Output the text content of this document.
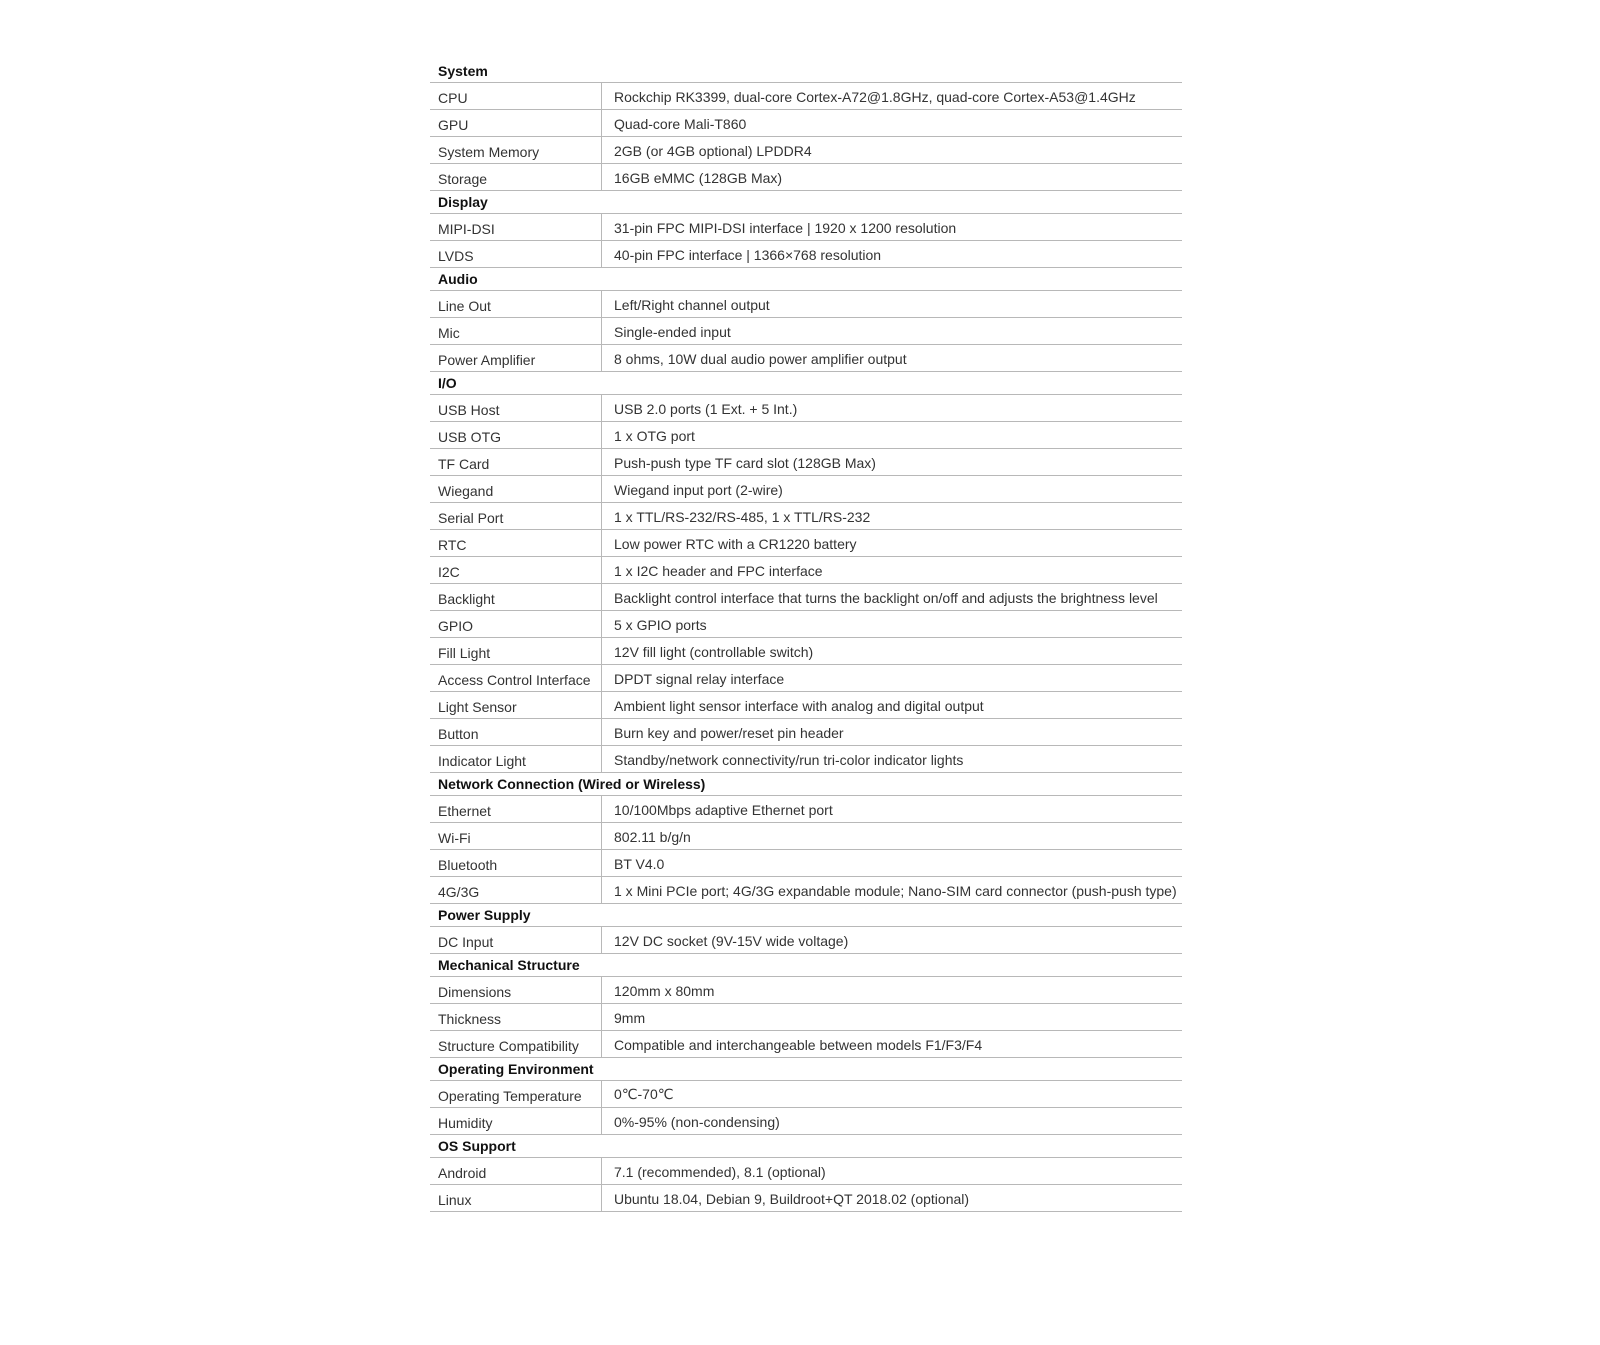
System
CPU	Rockchip RK3399, dual-core Cortex-A72@1.8GHz, quad-core Cortex-A53@1.4GHz
GPU	Quad-core Mali-T860
System Memory	2GB (or 4GB optional) LPDDR4
Storage	16GB eMMC (128GB Max)
Display
MIPI-DSI	31-pin FPC MIPI-DSI interface | 1920 x 1200 resolution
LVDS	40-pin FPC interface | 1366×768 resolution
Audio
Line Out	Left/Right channel output
Mic	Single-ended input
Power Amplifier	8 ohms, 10W dual audio power amplifier output
I/O
USB Host	USB 2.0 ports (1 Ext. + 5 Int.)
USB OTG	1 x OTG port
TF Card	Push-push type TF card slot (128GB Max)
Wiegand	Wiegand input port (2-wire)
Serial Port	1 x TTL/RS-232/RS-485, 1 x TTL/RS-232
RTC	Low power RTC with a CR1220 battery
I2C	1 x I2C header and FPC interface
Backlight	Backlight control interface that turns the backlight on/off and adjusts the brightness level
GPIO	5 x GPIO ports
Fill Light	12V fill light (controllable switch)
Access Control Interface	DPDT signal relay interface
Light Sensor	Ambient light sensor interface with analog and digital output
Button	Burn key and power/reset pin header
Indicator Light	Standby/network connectivity/run tri-color indicator lights
Network Connection (Wired or Wireless)
Ethernet	10/100Mbps adaptive Ethernet port
Wi-Fi	802.11 b/g/n
Bluetooth	BT V4.0
4G/3G	1 x Mini PCIe port; 4G/3G expandable module; Nano-SIM card connector (push-push type)
Power Supply
DC Input	12V DC socket (9V-15V wide voltage)
Mechanical Structure
Dimensions	120mm x 80mm
Thickness	9mm
Structure Compatibility	Compatible and interchangeable between models F1/F3/F4
Operating Environment
Operating Temperature	0℃-70℃
Humidity	0%-95% (non-condensing)
OS Support
Android	7.1 (recommended), 8.1 (optional)
Linux	Ubuntu 18.04, Debian 9, Buildroot+QT 2018.02 (optional)
